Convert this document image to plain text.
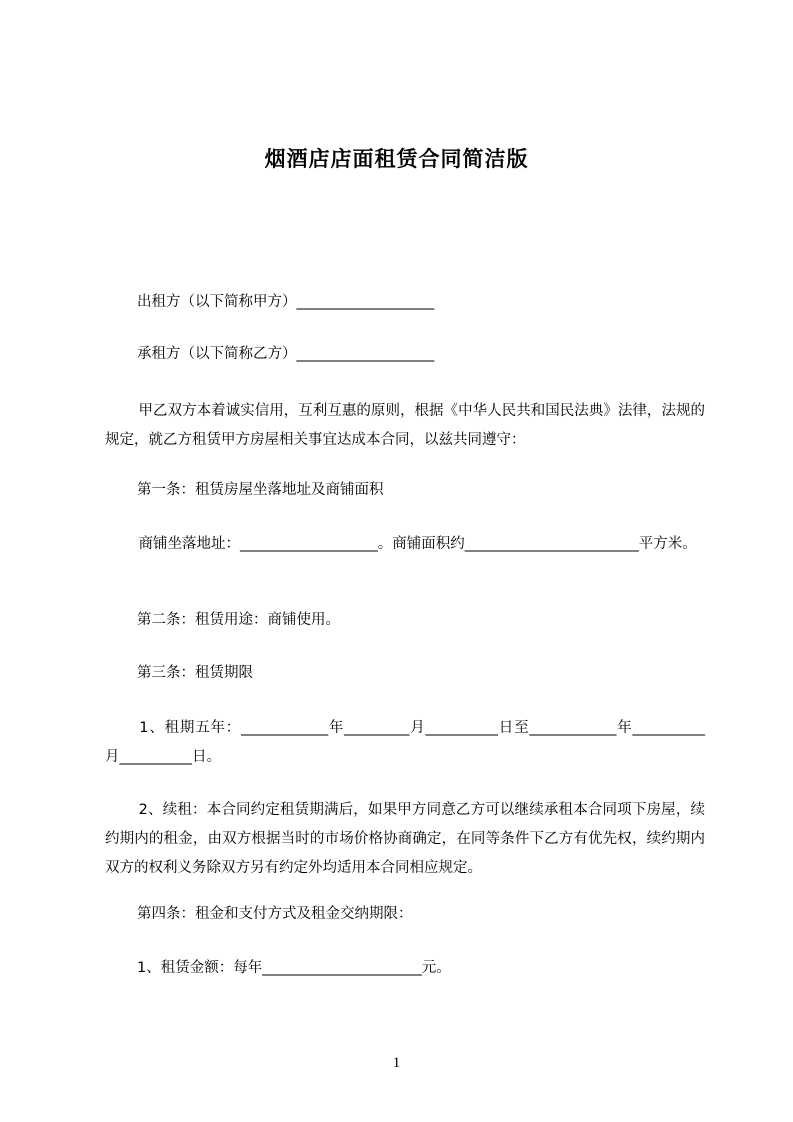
烟酒店店面租赁合同简洁版
出租方（以下简称甲方）___________________
承租方（以下简称乙方）___________________
　甲乙双方本着诚实信用，互利互惠的原则，根据《中华人民共和国民法典》法律，法规的规定，就乙方租赁甲方房屋相关事宜达成本合同，以兹共同遵守：
第一条：租赁房屋坐落地址及商铺面积
　商铺坐落地址：___________________。商铺面积约________________________平方米。
第二条：租赁用途：商铺使用。
第三条：租赁期限
　1、租期五年：____________年_________月__________日至____________年__________月__________日。
　2、续租：本合同约定租赁期满后，如果甲方同意乙方可以继续承租本合同项下房屋，续约期内的租金，由双方根据当时的市场价格协商确定，在同等条件下乙方有优先权，续约期内双方的权利义务除双方另有约定外均适用本合同相应规定。
第四条：租金和支付方式及租金交纳期限：
1、租赁金额：每年______________________元。
1
